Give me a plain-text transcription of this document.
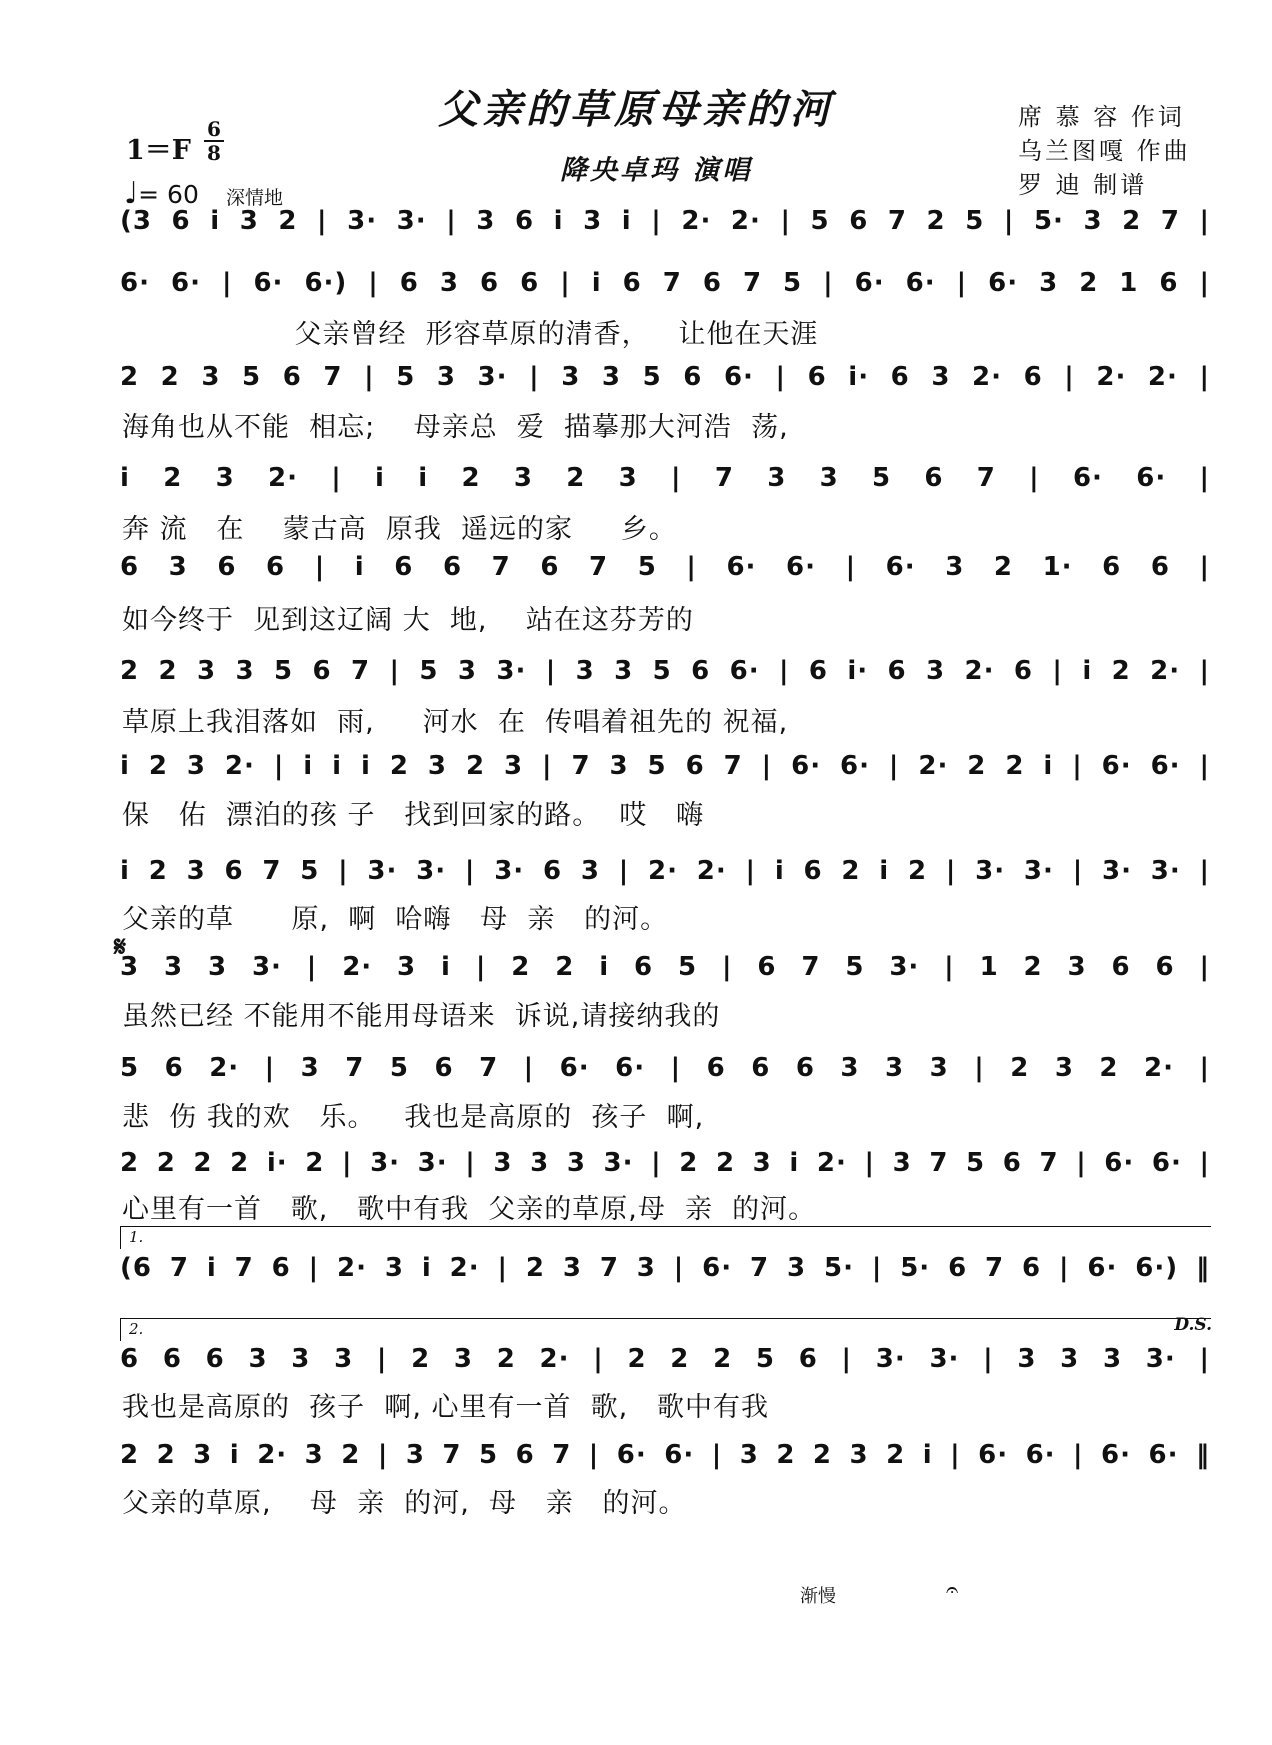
父亲的草原母亲的河
降央卓玛 演唱
席 慕 容 作词
乌兰图嘎 作曲
罗 迪 制谱
1＝F
6
8
♩= 60 深情地
𝄋
1.
2.	D.S.
渐慢	𝄐
(3 6 i 3 2 | 3· 3· | 3 6 i 3 i | 2· 2· | 5 6 7 2 5 | 5· 3 2 7 |
6· 6· | 6· 6·) | 6 3 6 6 | i 6 7 6 7 5 | 6· 6· | 6· 3 2 1 6 |
父亲曾经  形容草原的清香，   让他在天涯
2 2 3 5 6 7 | 5 3 3· | 3 3 5 6 6· | 6 i· 6 3 2· 6 | 2· 2· |
海角也从不能  相忘;    母亲总  爱  描摹那大河浩  荡,
i 2 3 2· | i i 2 3 2 3 | 7 3 3 5 6 7 | 6· 6· |
奔 流   在    蒙古高  原我  遥远的家     乡。
6 3 6 6 | i 6 6 7 6 7 5 | 6· 6· | 6· 3 2 1· 6 6 |
如今终于  见到这辽阔 大  地,    站在这芬芳的
2 2 3 3 5 6 7 | 5 3 3· | 3 3 5 6 6· | 6 i· 6 3 2· 6 | i 2 2· |
草原上我泪落如  雨,     河水  在  传唱着祖先的 祝福,
i 2 3 2· | i i i 2 3 2 3 | 7 3 5 6 7 | 6· 6· | 2· 2 2 i | 6· 6· |
保   佑  漂泊的孩 子   找到回家的路。  哎   嗨
i 2 3 6 7 5 | 3· 3· | 3· 6 3 | 2· 2· | i 6 2 i 2 | 3· 3· | 3· 3· |
父亲的草      原,  啊  哈嗨   母  亲   的河。
3 3 3 3· | 2· 3 i | 2 2 i 6 5 | 6 7 5 3· | 1 2 3 6 6 |
虽然已经 不能用不能用母语来  诉说,请接纳我的
5 6 2· | 3 7 5 6 7 | 6· 6· | 6 6 6 3 3 3 | 2 3 2 2· |
悲  伤 我的欢   乐。   我也是高原的  孩子  啊,
2 2 2 2 i· 2 | 3· 3· | 3 3 3 3· | 2 2 3 i 2· | 3 7 5 6 7 | 6· 6· |
心里有一首   歌,   歌中有我  父亲的草原,母  亲  的河。
(6 7 i 7 6 | 2· 3 i 2· | 2 3 7 3 | 6· 7 3 5· | 5· 6 7 6 | 6· 6·) ‖
6 6 6 3 3 3 | 2 3 2 2· | 2 2 2 5 6 | 3· 3· | 3 3 3 3· |
我也是高原的  孩子  啊, 心里有一首  歌,   歌中有我
2 2 3 i 2· 3 2 | 3 7 5 6 7 | 6· 6· | 3 2 2 3 2 i | 6· 6· | 6· 6· ‖
父亲的草原,    母  亲  的河,  母   亲   的河。
